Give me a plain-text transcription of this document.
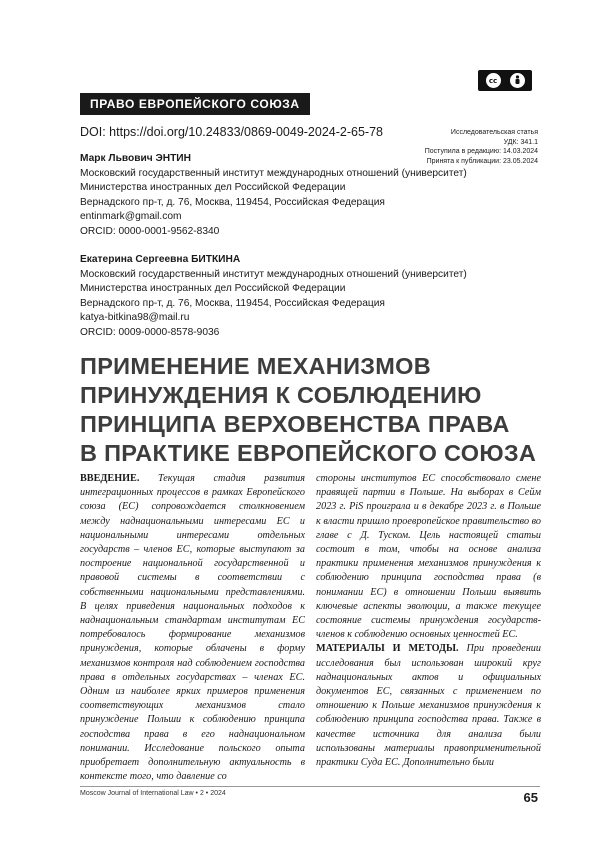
cc
ПРАВО ЕВРОПЕЙСКОГО СОЮЗА
DOI: https://doi.org/10.24833/0869-0049-2024-2-65-78	Исследовательская статья
УДК: 341.1
Поступила в редакцию: 14.03.2024
Принята к публикации: 23.05.2024
Марк Львович ЭНТИН
Московский государственный институт международных отношений (университет)
Министерства иностранных дел Российской Федерации
Вернадского пр-т, д. 76, Москва, 119454, Российская Федерация
entinmark@gmail.com
ORCID: 0000-0001-9562-8340
Екатерина Сергеевна БИТКИНА
Московский государственный институт международных отношений (университет)
Министерства иностранных дел Российской Федерации
Вернадского пр-т, д. 76, Москва, 119454, Российская Федерация
katya-bitkina98@mail.ru
ORCID: 0009-0000-8578-9036
ПРИМЕНЕНИЕ МЕХАНИЗМОВ
ПРИНУЖДЕНИЯ К СОБЛЮДЕНИЮ
ПРИНЦИПА ВЕРХОВЕНСТВА ПРАВА
В ПРАКТИКЕ ЕВРОПЕЙСКОГО СОЮЗА

ВВЕДЕНИЕ. Текущая стадия развития интеграционных процессов в рамках Европейского союза (ЕС) сопровождается столкновением между наднациональными интересами ЕС и национальными интересами отдельных государств – членов ЕС, которые выступают за построение национальной государственной и правовой системы в соответствии с собственными национальными представлениями. В целях приведения национальных подходов к наднациональным стандартам институтам ЕС потребовалось формирование механизмов принуждения, которые облачены в форму механизмов контроля над соблюдением господства права в отдельных государствах – членах ЕС. Одним из наиболее ярких примеров применения соответствующих механизмов стало принуждение Польши к соблюдению принципа господства права в его наднациональном понимании. Исследование польского опыта приобретает дополнительную актуальность в контексте того, что давление со

стороны институтов ЕС способствовало смене правящей партии в Польше. На выборах в Сейм 2023 г. PiS проиграла и в декабре 2023 г. в Польше к власти пришло проевропейское правительство во главе с Д. Туском. Цель настоящей статьи состоит в том, чтобы на основе анализа практики применения механизмов принуждения к соблюдению принципа господства права (в понимании ЕС) в отношении Польши выявить ключевые аспекты эволюции, а также текущее состояние системы принуждения государств-членов к соблюдению основных ценностей ЕС.

МАТЕРИАЛЫ И МЕТОДЫ. При проведении исследования был использован широкий круг наднациональных актов и официальных документов ЕС, связанных с применением по отношению к Польше механизмов принуждения к соблюдению принципа господства права. Также в качестве источника для анализа были использованы материалы правоприменительной практики Суда ЕС. Дополнительно были

Moscow Journal of International Law • 2 • 2024	65
